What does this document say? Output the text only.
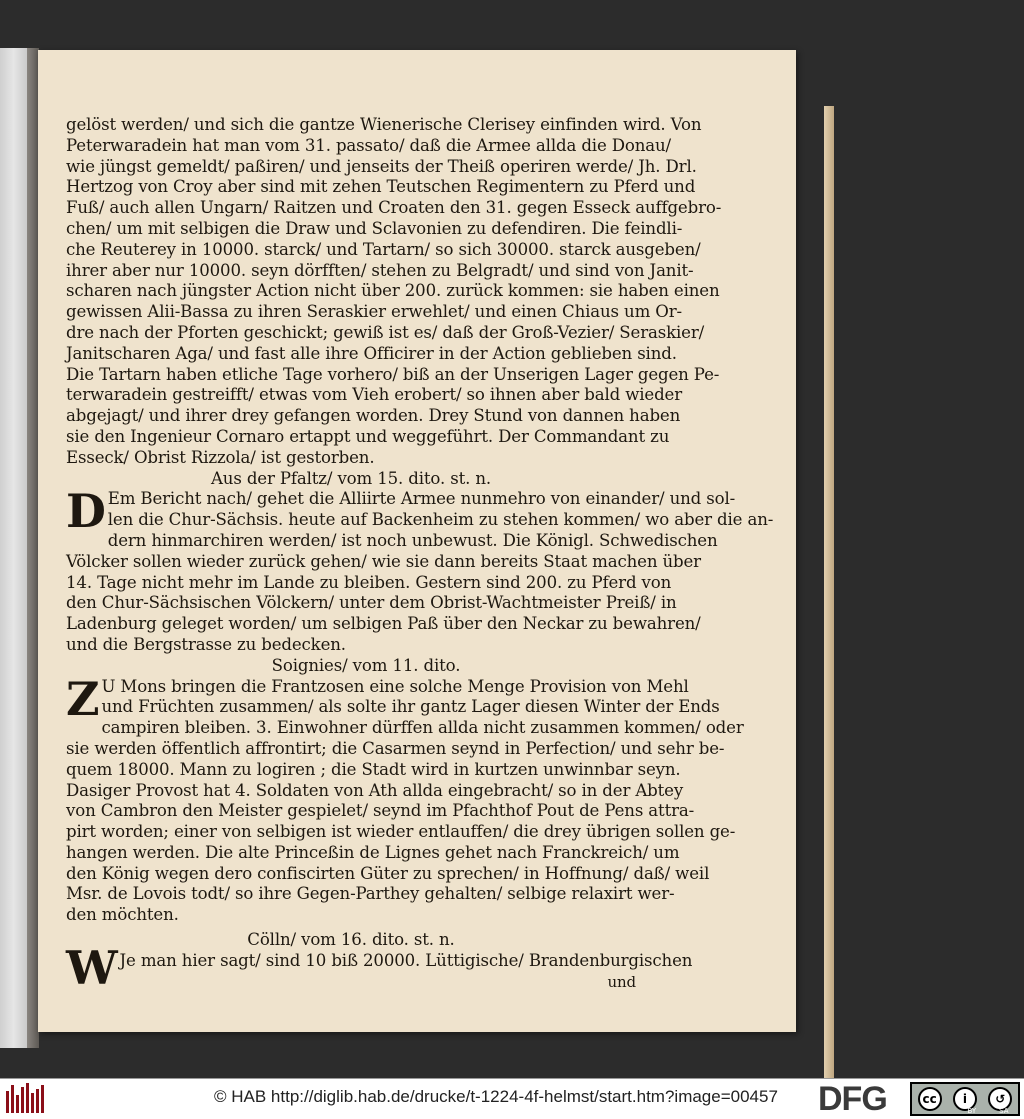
gelöst werden/ und sich die gantze Wienerische Clerisey einfinden wird. Von
Peterwaradein hat man vom 31. passato/ daß die Armee allda die Donau/
wie jüngst gemeldt/ paßiren/ und jenseits der Theiß operiren werde/ Jh. Drl.
Hertzog von Croy aber sind mit zehen Teutschen Regimentern zu Pferd und
Fuß/ auch allen Ungarn/ Raitzen und Croaten den 31. gegen Esseck auffgebro-
chen/ um mit selbigen die Draw und Sclavonien zu defendiren. Die feindli-
che Reuterey in 10000. starck/ und Tartarn/ so sich 30000. starck ausgeben/
ihrer aber nur 10000. seyn dörfften/ stehen zu Belgradt/ und sind von Janit-
scharen nach jüngster Action nicht über 200. zurück kommen: sie haben einen
gewissen Alii-Bassa zu ihren Seraskier erwehlet/ und einen Chiaus um Or-
dre nach der Pforten geschickt; gewiß ist es/ daß der Groß-Vezier/ Seraskier/
Janitscharen Aga/ und fast alle ihre Officirer in der Action geblieben sind.
Die Tartarn haben etliche Tage vorhero/ biß an der Unserigen Lager gegen Pe-
terwaradein gestreifft/ etwas vom Vieh erobert/ so ihnen aber bald wieder
abgejagt/ und ihrer drey gefangen worden. Drey Stund von dannen haben
sie den Ingenieur Cornaro ertappt und weggeführt. Der Commandant zu
Esseck/ Obrist Rizzola/ ist gestorben.
Aus der Pfaltz/ vom 15. dito. st. n.
D Em Bericht nach/ gehet die Alliirte Armee nunmehro von einander/ und sol-
len die Chur-Sächsis. heute auf Backenheim zu stehen kommen/ wo aber die an-
dern hinmarchiren werden/ ist noch unbewust. Die Königl. Schwedischen
Völcker sollen wieder zurück gehen/ wie sie dann bereits Staat machen über
14. Tage nicht mehr im Lande zu bleiben. Gestern sind 200. zu Pferd von
den Chur-Sächsischen Völckern/ unter dem Obrist-Wachtmeister Preiß/ in
Ladenburg geleget worden/ um selbigen Paß über den Neckar zu bewahren/
und die Bergstrasse zu bedecken.
Soignies/ vom 11. dito.
Z U Mons bringen die Frantzosen eine solche Menge Provision von Mehl
und Früchten zusammen/ als solte ihr gantz Lager diesen Winter der Ends
campiren bleiben. 3. Einwohner dürffen allda nicht zusammen kommen/ oder
sie werden öffentlich affrontirt; die Casarmen seynd in Perfection/ und sehr be-
quem 18000. Mann zu logiren ; die Stadt wird in kurtzen unwinnbar seyn.
Dasiger Provost hat 4. Soldaten von Ath allda eingebracht/ so in der Abtey
von Cambron den Meister gespielet/ seynd im Pfachthof Pout de Pens attra-
pirt worden; einer von selbigen ist wieder entlauffen/ die drey übrigen sollen ge-
hangen werden. Die alte Princeßin de Lignes gehet nach Franckreich/ um
den König wegen dero confiscirten Güter zu sprechen/ in Hoffnung/ daß/ weil
Msr. de Lovois todt/ so ihre Gegen-Parthey gehalten/ selbige relaxirt wer-
den möchten.
Cölln/ vom 16. dito. st. n.
W Je man hier sagt/ sind 10 biß 20000. Lüttigische/ Brandenburgischen
und
© HAB http://diglib.hab.de/drucke/t-1224-4f-helmst/start.htm?image=00457 DFG	cc	i	↺
BY	SA
